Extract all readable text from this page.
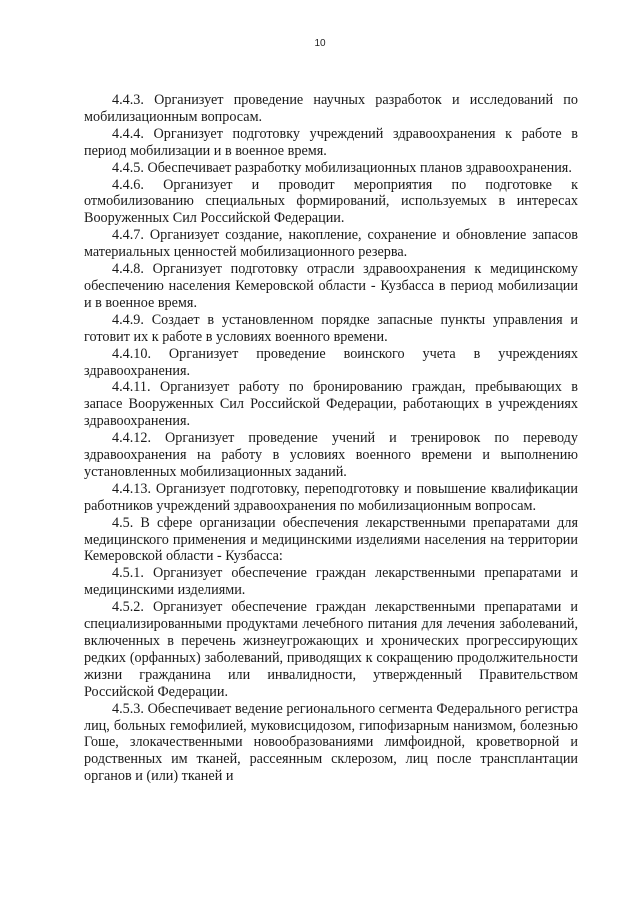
10

4.4.3. Организует проведение научных разработок и исследований по мобилизационным вопросам.

4.4.4. Организует подготовку учреждений здравоохранения к работе в период мобилизации и в военное время.

4.4.5. Обеспечивает разработку мобилизационных планов здравоохранения.

4.4.6. Организует и проводит мероприятия по подготовке к отмобилизованию специальных формирований, используемых в интересах Вооруженных Сил Российской Федерации.

4.4.7. Организует создание, накопление, сохранение и обновление запасов материальных ценностей мобилизационного резерва.

4.4.8. Организует подготовку отрасли здравоохранения к медицинскому обеспечению населения Кемеровской области - Кузбасса в период мобилизации и в военное время.

4.4.9. Создает в установленном порядке запасные пункты управления и готовит их к работе в условиях военного времени.

4.4.10. Организует проведение воинского учета в учреждениях здравоохранения.

4.4.11. Организует работу по бронированию граждан, пребывающих в запасе Вооруженных Сил Российской Федерации, работающих в учреждениях здравоохранения.

4.4.12. Организует проведение учений и тренировок по переводу здравоохранения на работу в условиях военного времени и выполнению установленных мобилизационных заданий.

4.4.13. Организует подготовку, переподготовку и повышение квалификации работников учреждений здравоохранения по мобилизационным вопросам.

4.5. В сфере организации обеспечения лекарственными препаратами для медицинского применения и медицинскими изделиями населения на территории Кемеровской области - Кузбасса:

4.5.1. Организует обеспечение граждан лекарственными препаратами и медицинскими изделиями.

4.5.2. Организует обеспечение граждан лекарственными препаратами и специализированными продуктами лечебного питания для лечения заболеваний, включенных в перечень жизнеугрожающих и хронических прогрессирующих редких (орфанных) заболеваний, приводящих к сокращению продолжительности жизни гражданина или инвалидности, утвержденный Правительством Российской Федерации.

4.5.3. Обеспечивает ведение регионального сегмента Федерального регистра лиц, больных гемофилией, муковисцидозом, гипофизарным нанизмом, болезнью Гоше, злокачественными новообразованиями лимфоидной, кроветворной и родственных им тканей, рассеянным склерозом, лиц после трансплантации органов и (или) тканей и
